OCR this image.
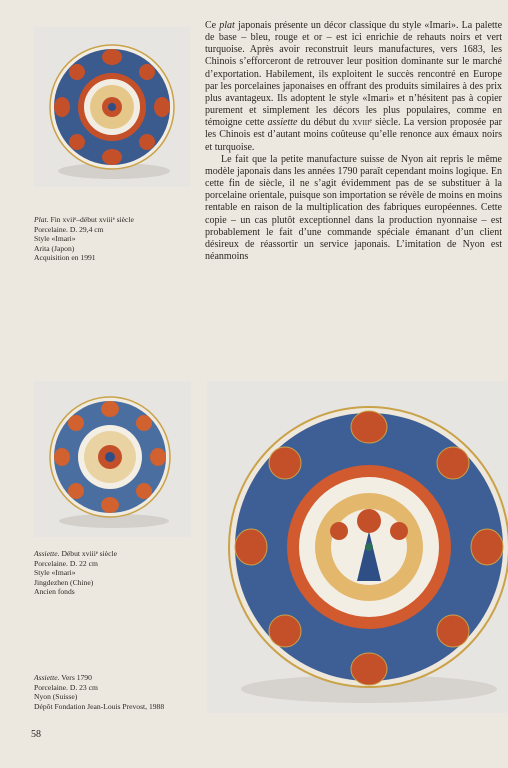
Plat. Fin xviiᵉ–début xviiiᵉ siècle
Porcelaine. D. 29,4 cm
Style «Imari»
Arita (Japon)
Acquisition en 1991

Ce plat japonais présente un décor classique du style «Imari». La palette de base – bleu, rouge et or – est ici enrichie de rehauts noirs et vert turquoise. Après avoir reconstruit leurs manufactures, vers 1683, les Chinois s’efforceront de retrouver leur position dominante sur le marché d’exportation. Habilement, ils exploitent le succès rencontré en Europe par les porcelaines japonaises en offrant des produits similaires à des prix plus avantageux. Ils adoptent le style «Imari» et n’hésitent pas à copier purement et simplement les décors les plus populaires, comme en témoigne cette assiette du début du xviiiᵉ siècle. La version proposée par les Chinois est d’autant moins coûteuse qu’elle renonce aux émaux noirs et turquoise.

Le fait que la petite manufacture suisse de Nyon ait repris le même modèle japonais dans les années 1790 paraît cependant moins logique. En cette fin de siècle, il ne s’agit évidemment pas de se substituer à la porcelaine orientale, puisque son importation se révèle de moins en moins rentable en raison de la multiplication des fabriques européennes. Cette copie – un cas plutôt exceptionnel dans la production nyonnaise – est probablement le fait d’une commande spéciale émanant d’un client désireux de réassortir un service japonais. L’imitation de Nyon est néanmoins

Assiette. Début xviiiᵉ siècle
Porcelaine. D. 22 cm
Style «Imari»
Jingdezhen (Chine)
Ancien fonds
Assiette. Vers 1790
Porcelaine. D. 23 cm
Nyon (Suisse)
Dépôt Fondation Jean-Louis Prevost, 1988
58
